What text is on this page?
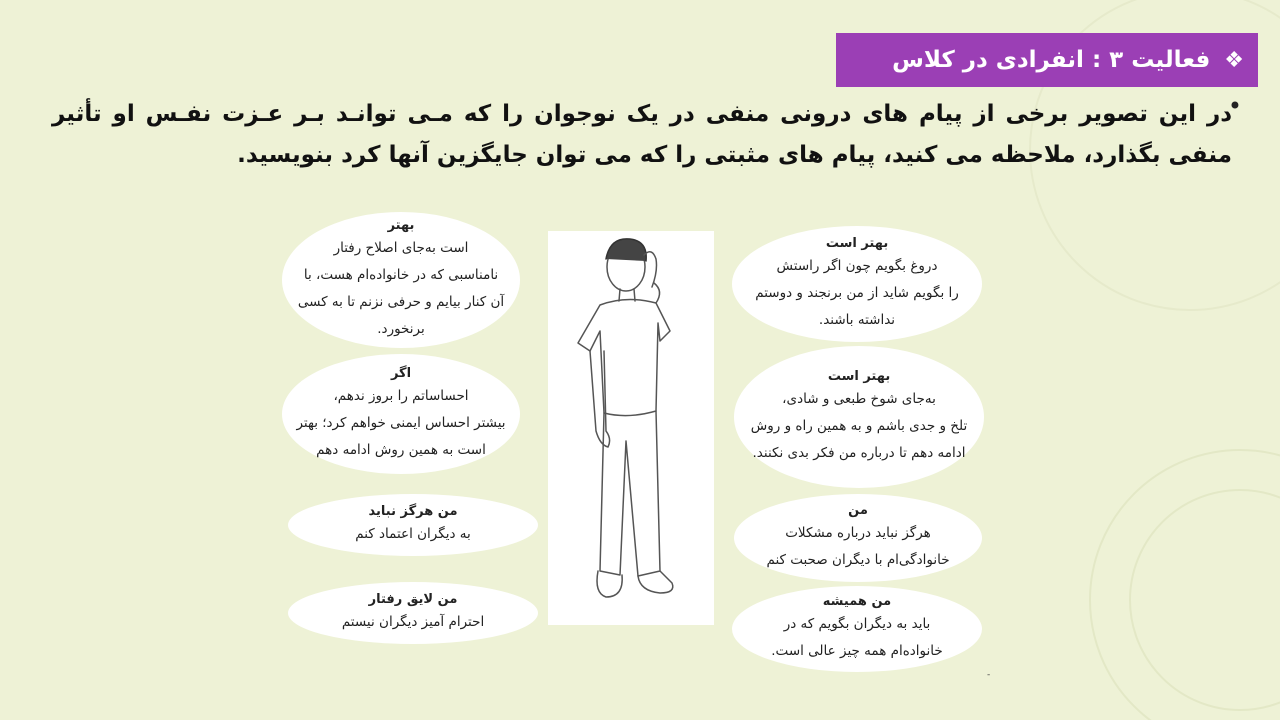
❖
فعالیت ۳ : انفرادی در کلاس
•
در این تصویر برخی از پیام های درونی منفی در یک نوجوان را که مـی توانـد بـر عـزت نفـس او تأثیر منفی بگذارد، ملاحظه می کنید، پیام های مثبتی را که می توان جایگزین آنها کرد بنویسید.
بهتر
است به‌جای اصلاح رفتار
نامناسبی که در خانواده‌ام هست، با
آن کنار بیایم و حرفی نزنم تا به کسی
برنخورد.
اگر
احساساتم را بروز ندهم،
بیشتر احساس ایمنی خواهم کرد؛ بهتر
است به همین روش ادامه دهم
من هرگز نباید
به دیگران اعتماد کنم
من لایق رفتار
احترام آمیز دیگران نیستم
بهتر است
دروغ بگویم چون اگر راستش
را بگویم شاید از من برنجند و دوستم
نداشته باشند.
بهتر است
به‌جای شوخ طبعی و شادی،
تلخ و جدی باشم و به همین راه و روش
ادامه دهم تا درباره من فکر بدی نکنند.
من
هرگز نباید درباره مشکلات
خانوادگی‌ام با دیگران صحبت کنم
من همیشه
باید به دیگران بگویم که در
خانواده‌ام همه چیز عالی است.
-
